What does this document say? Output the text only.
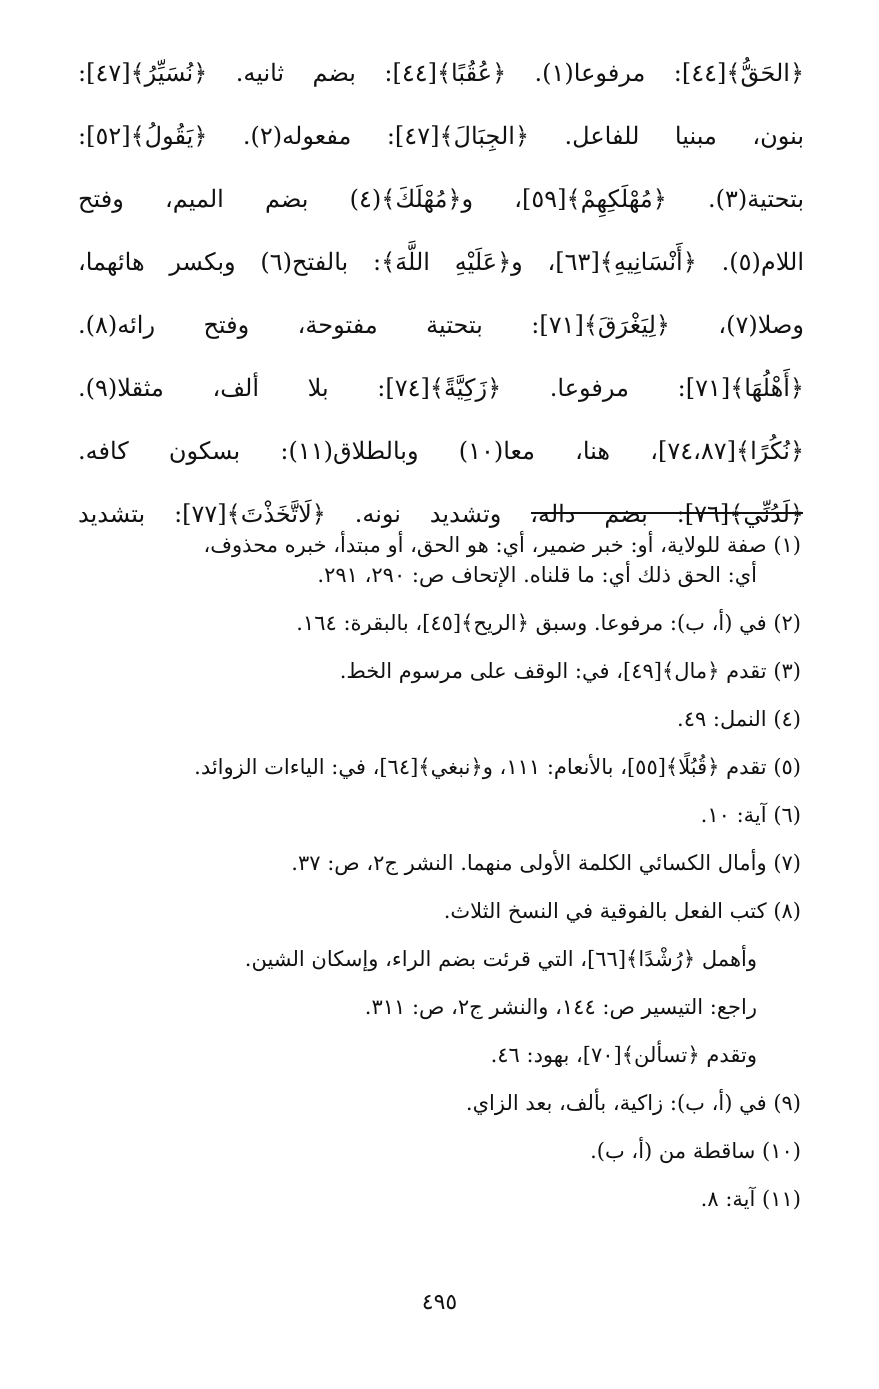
﴿الحَقُّ﴾[٤٤]: مرفوعا(١). ﴿عُقُبًا﴾[٤٤]: بضم ثانيه. ﴿نُسَيِّرُ﴾[٤٧]:
بنون، مبنيا للفاعل. ﴿الجِبَالَ﴾[٤٧]: مفعوله(٢). ﴿يَقُولُ﴾[٥٢]:
بتحتية(٣). ﴿مُهْلَكِهِمْ﴾[٥٩]، و﴿مُهْلَكَ﴾(٤) بضم الميم، وفتح
اللام(٥). ﴿أَنْسَانِيهِ﴾[٦٣]، و﴿عَلَيْهِ اللَّهَ﴾: بالفتح(٦) وبكسر هائهما،
وصلا(٧)، ﴿لِيَغْرَقَ﴾[٧١]: بتحتية مفتوحة، وفتح رائه(٨).
﴿أَهْلُهَا﴾[٧١]: مرفوعا. ﴿زَكِيَّةً﴾[٧٤]: بلا ألف، مثقلا(٩).
﴿نُكُرًا﴾[٧٤،٨٧]، هنا، معا(١٠) وبالطلاق(١١): بسكون كافه.
﴿لَدُنِّي﴾[٧٦]: بضم داله، وتشديد نونه. ﴿لَاتَّخَذْتَ﴾[٧٧]: بتشديد
(١) صفة للولاية، أو: خبر ضمير، أي: هو الحق، أو مبتدأ، خبره محذوف،
أي: الحق ذلك أي: ما قلناه. الإتحاف ص: ٢٩٠، ٢٩١.
(٢) في (أ، ب): مرفوعا. وسبق ﴿الريح﴾[٤٥]، بالبقرة: ١٦٤.
(٣) تقدم ﴿مال﴾[٤٩]، في: الوقف على مرسوم الخط.
(٤) النمل: ٤٩.
(٥) تقدم ﴿قُبُلًا﴾[٥٥]، بالأنعام: ١١١، و﴿نبغي﴾[٦٤]، في: الياءات الزوائد.
(٦) آية: ١٠.
(٧) وأمال الكسائي الكلمة الأولى منهما. النشر ج٢، ص: ٣٧.
(٨) كتب الفعل بالفوقية في النسخ الثلاث.
وأهمل ﴿رُشْدًا﴾[٦٦]، التي قرئت بضم الراء، وإسكان الشين.
راجع: التيسير ص: ١٤٤، والنشر ج٢، ص: ٣١١.
وتقدم ﴿تسألن﴾[٧٠]، بهود: ٤٦.
(٩) في (أ، ب): زاكية، بألف، بعد الزاي.
(١٠) ساقطة من (أ، ب).
(١١) آية: ٨.
٤٩٥
